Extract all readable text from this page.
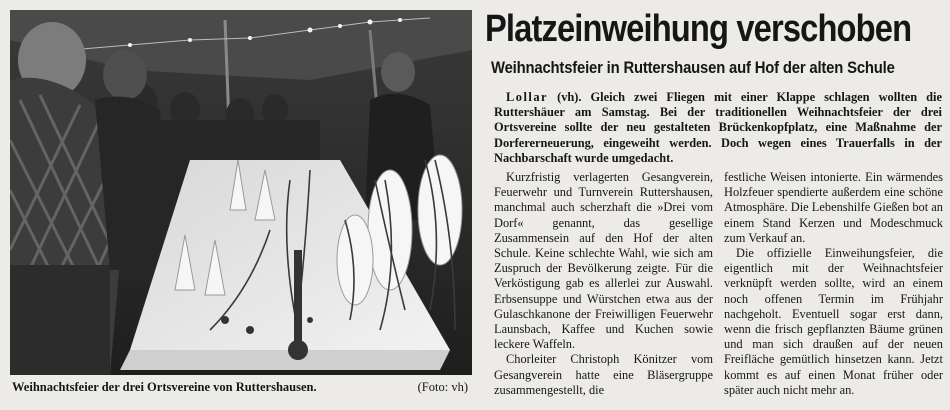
Weihnachtsfeier der drei Ortsvereine von Ruttershausen.	(Foto: vh)
Platzeinweihung verschoben
Weihnachtsfeier in Ruttershausen auf Hof der alten Schule
Lollar (vh). Gleich zwei Fliegen mit einer Klappe schlagen wollten die Ruttershäuer am Samstag. Bei der traditionellen Weihnachtsfeier der drei Ortsvereine sollte der neu gestalteten Brückenkopfplatz, eine Maßnahme der Dorfererneuerung, eingeweiht werden. Doch wegen eines Trauerfalls in der Nachbarschaft wurde umgedacht.

Kurzfristig verlagerten Gesangverein, Feuerwehr und Turnverein Ruttershausen, manchmal auch scherzhaft die »Drei vom Dorf« genannt, das gesellige Zusammensein auf den Hof der alten Schule. Keine schlechte Wahl, wie sich am Zuspruch der Bevölkerung zeigte. Für die Verköstigung gab es allerlei zur Auswahl. Erbsensuppe und Würstchen etwa aus der Gulaschkanone der Freiwilligen Feuerwehr Launsbach, Kaffee und Kuchen sowie leckere Waffeln.

Chorleiter Christoph Könitzer vom Gesangverein hatte eine Bläsergruppe zusammengestellt, die

festliche Weisen intonierte. Ein wärmendes Holzfeuer spendierte außerdem eine schöne Atmosphäre. Die Lebenshilfe Gießen bot an einem Stand Kerzen und Modeschmuck zum Verkauf an.

Die offizielle Einweihungsfeier, die eigentlich mit der Weihnachtsfeier verknüpft werden sollte, wird an einem noch offenen Termin im Frühjahr nachgeholt. Eventuell sogar erst dann, wenn die frisch gepflanzten Bäume grünen und man sich draußen auf der neuen Freifläche gemütlich hinsetzen kann. Jetzt kommt es auf einen Monat früher oder später auch nicht mehr an.
